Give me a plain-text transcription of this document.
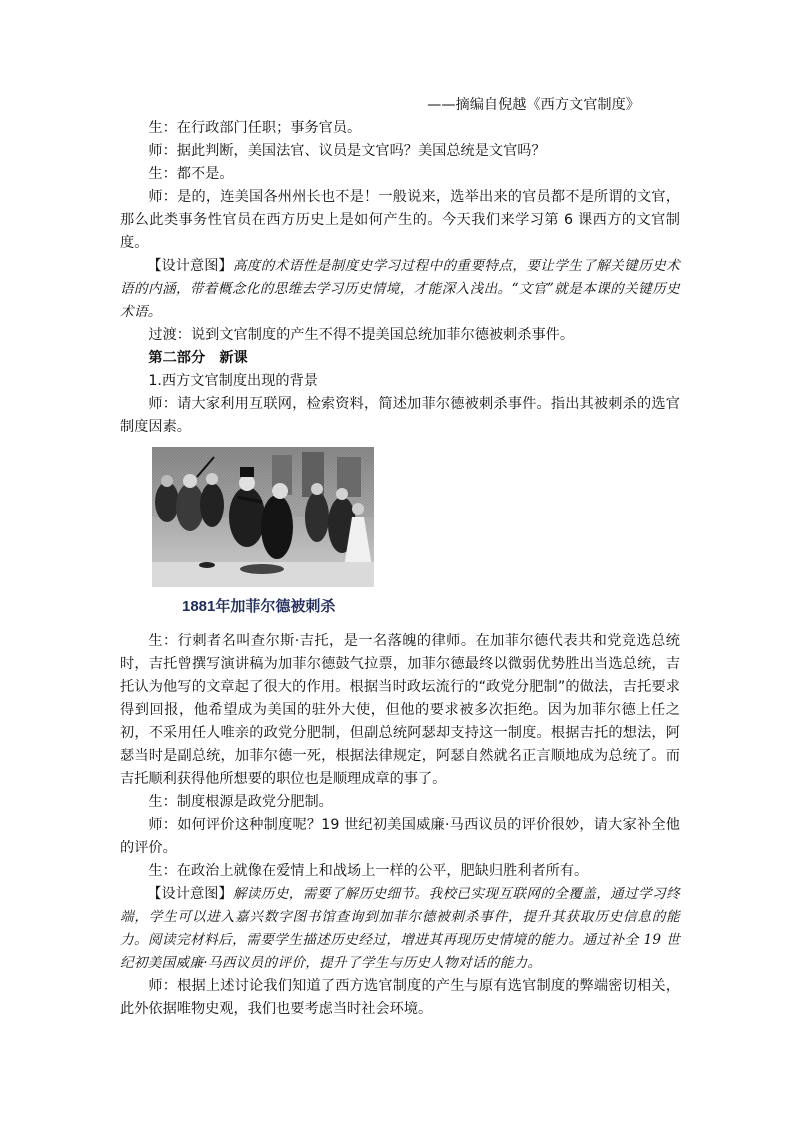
——摘编自倪越《西方文官制度》

生：在行政部门任职；事务官员。

师：据此判断，美国法官、议员是文官吗？美国总统是文官吗？

生：都不是。

师：是的，连美国各州州长也不是！一般说来，选举出来的官员都不是所谓的文官，那么此类事务性官员在西方历史上是如何产生的。今天我们来学习第 6 课西方的文官制度。

【设计意图】高度的术语性是制度史学习过程中的重要特点，要让学生了解关键历史术语的内涵，带着概念化的思维去学习历史情境，才能深入浅出。“文官”就是本课的关键历史术语。

过渡：说到文官制度的产生不得不提美国总统加菲尔德被刺杀事件。

第二部分　新课

1.西方文官制度出现的背景

师：请大家利用互联网，检索资料，简述加菲尔德被刺杀事件。指出其被刺杀的选官制度因素。

1881年加菲尔德被刺杀

生：行刺者名叫查尔斯·吉托，是一名落魄的律师。在加菲尔德代表共和党竞选总统时，吉托曾撰写演讲稿为加菲尔德鼓气拉票，加菲尔德最终以微弱优势胜出当选总统，吉托认为他写的文章起了很大的作用。根据当时政坛流行的“政党分肥制”的做法，吉托要求得到回报，他希望成为美国的驻外大使，但他的要求被多次拒绝。因为加菲尔德上任之初，不采用任人唯亲的政党分肥制，但副总统阿瑟却支持这一制度。根据吉托的想法，阿瑟当时是副总统，加菲尔德一死，根据法律规定，阿瑟自然就名正言顺地成为总统了。而吉托顺利获得他所想要的职位也是顺理成章的事了。

生：制度根源是政党分肥制。

师：如何评价这种制度呢？19 世纪初美国威廉·马西议员的评价很妙，请大家补全他的评价。

生：在政治上就像在爱情上和战场上一样的公平，肥缺归胜利者所有。

【设计意图】解读历史，需要了解历史细节。我校已实现互联网的全覆盖，通过学习终端，学生可以进入嘉兴数字图书馆查询到加菲尔德被刺杀事件，提升其获取历史信息的能力。阅读完材料后，需要学生描述历史经过，增进其再现历史情境的能力。通过补全 19 世纪初美国威廉·马西议员的评价，提升了学生与历史人物对话的能力。

师：根据上述讨论我们知道了西方选官制度的产生与原有选官制度的弊端密切相关，此外依据唯物史观，我们也要考虑当时社会环境。
